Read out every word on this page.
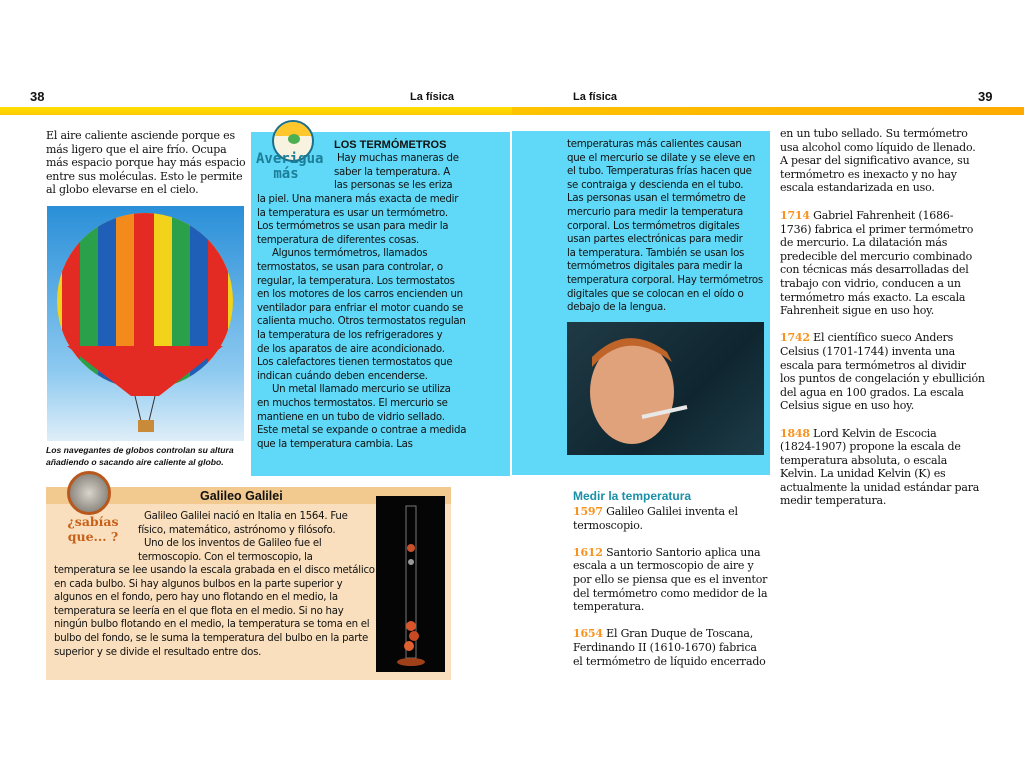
38	La física	La física	39
El aire caliente asciende porque es
más ligero que el aire frío. Ocupa
más espacio porque hay más espacio
entre sus moléculas. Esto le permite
al globo elevarse en el cielo.
Los navegantes de globos controlan su altura
añadiendo o sacando aire caliente al globo.
Averigua
más
LOS TERMÓMETROS
Hay muchas maneras de
saber la temperatura. A
las personas se les eriza
la piel. Una manera más exacta de medir
la temperatura es usar un termómetro.
Los termómetros se usan para medir la
temperatura de diferentes cosas.
Algunos termómetros, llamados
termostatos, se usan para controlar, o
regular, la temperatura. Los termostatos
en los motores de los carros encienden un
ventilador para enfriar el motor cuando se
calienta mucho. Otros termostatos regulan
la temperatura de los refrigeradores y
de los aparatos de aire acondicionado.
Los calefactores tienen termostatos que
indican cuándo deben encenderse.
Un metal llamado mercurio se utiliza
en muchos termostatos. El mercurio se
mantiene en un tubo de vidrio sellado.
Este metal se expande o contrae a medida
que la temperatura cambia. Las
¿sabías
que... ?
Galileo Galilei
Galileo Galilei nació en Italia en 1564. Fue
físico, matemático, astrónomo y filósofo.
Uno de los inventos de Galileo fue el
termoscopio. Con el termoscopio, la
temperatura se lee usando la escala grabada en el disco metálico
en cada bulbo. Si hay algunos bulbos en la parte superior y
algunos en el fondo, pero hay uno flotando en el medio, la
temperatura se leería en el que flota en el medio. Si no hay
ningún bulbo flotando en el medio, la temperatura se toma en el
bulbo del fondo, se le suma la temperatura del bulbo en la parte
superior y se divide el resultado entre dos.
temperaturas más calientes causan
que el mercurio se dilate y se eleve en
el tubo. Temperaturas frías hacen que
se contraiga y descienda en el tubo.
Las personas usan el termómetro de
mercurio para medir la temperatura
corporal. Los termómetros digitales
usan partes electrónicas para medir
la temperatura. También se usan los
termómetros digitales para medir la
temperatura corporal. Hay termómetros
digitales que se colocan en el oído o
debajo de la lengua.
Medir la temperatura
1597 Galileo Galilei inventa el
termoscopio.
1612 Santorio Santorio aplica una
escala a un termoscopio de aire y
por ello se piensa que es el inventor
del termómetro como medidor de la
temperatura.
1654 El Gran Duque de Toscana,
Ferdinando II (1610-1670) fabrica
el termómetro de líquido encerrado
en un tubo sellado. Su termómetro
usa alcohol como líquido de llenado.
A pesar del significativo avance, su
termómetro es inexacto y no hay
escala estandarizada en uso.
1714 Gabriel Fahrenheit (1686-
1736) fabrica el primer termómetro
de mercurio. La dilatación más
predecible del mercurio combinado
con técnicas más desarrolladas del
trabajo con vidrio, conducen a un
termómetro más exacto. La escala
Fahrenheit sigue en uso hoy.
1742 El científico sueco Anders
Celsius (1701-1744) inventa una
escala para termómetros al dividir
los puntos de congelación y ebullición
del agua en 100 grados. La escala
Celsius sigue en uso hoy.
1848 Lord Kelvin de Escocia
(1824-1907) propone la escala de
temperatura absoluta, o escala
Kelvin. La unidad Kelvin (K) es
actualmente la unidad estándar para
medir temperatura.
